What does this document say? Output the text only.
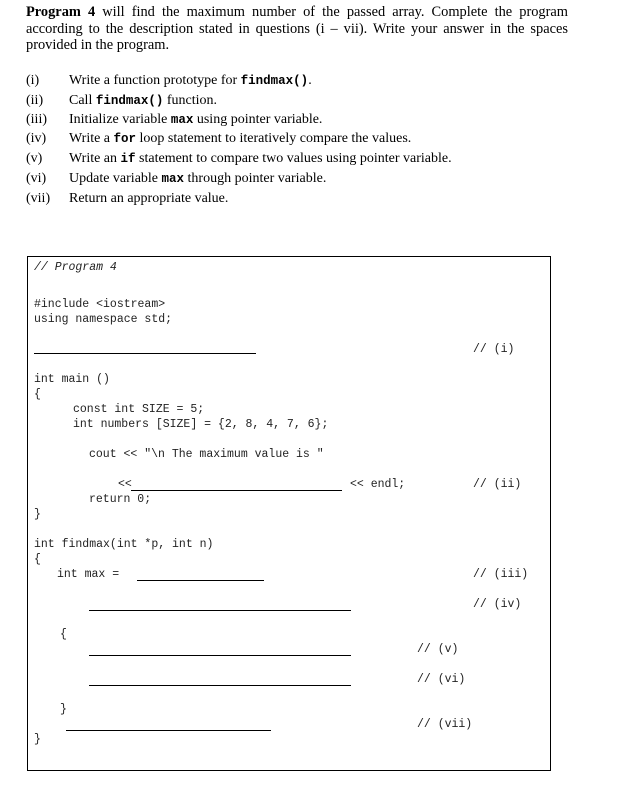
Program 4 will find the maximum number of the passed array. Complete the program according to the description stated in questions (i – vii). Write your answer in the spaces provided in the program.
(i) Write a function prototype for findmax().
(ii) Call findmax() function.
(iii) Initialize variable max using pointer variable.
(iv) Write a for loop statement to iteratively compare the values.
(v) Write an if statement to compare two values using pointer variable.
(vi) Update variable max through pointer variable.
(vii) Return an appropriate value.
// Program 4
#include <iostream>
using namespace std;
// (i)
int main ()
{
const int SIZE = 5;
int numbers [SIZE] = {2, 8, 4, 7, 6};
cout << "\n The maximum value is "
<<	<< endl;	// (ii)
return 0;
}
int findmax(int *p, int n)
{
int max =	// (iii)
// (iv)
{
// (v)
// (vi)
}
// (vii)
}
